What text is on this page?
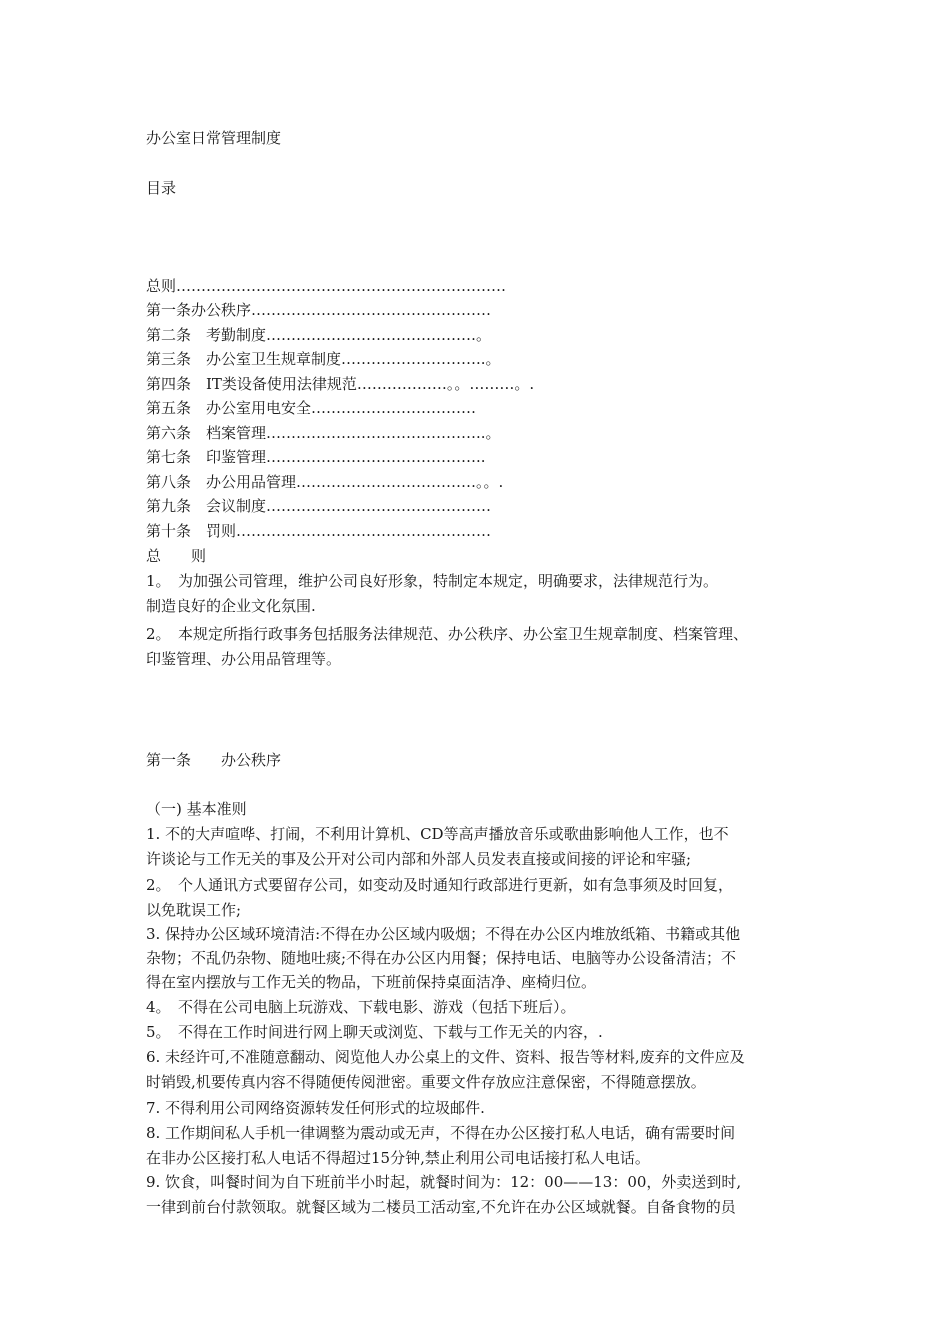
办公室日常管理制度
目录
总则…………………………………………………………
第一条办公秩序…………………………………………
第二条　考勤制度……………………………………。
第三条　办公室卫生规章制度………………………..。
第四条　IT类设备使用法律规范………………。。………。.
第五条　办公室用电安全……………………………
第六条　档案管理……………………………………..。
第七条　印鉴管理……………………………………..
第八条　办公用品管理………………………………。。.
第九条　会议制度………………………………………
第十条　罚则……………………………………………
总　　则
1。　为加强公司管理，维护公司良好形象，特制定本规定，明确要求，法律规范行为。
制造良好的企业文化氛围.
2。　本规定所指行政事务包括服务法律规范、办公秩序、办公室卫生规章制度、档案管理、
印鉴管理、办公用品管理等。
第一条　　办公秩序
（一) 基本准则
1. 不的大声喧哗、打闹，不利用计算机、CD等高声播放音乐或歌曲影响他人工作，也不
许谈论与工作无关的事及公开对公司内部和外部人员发表直接或间接的评论和牢骚;
2。　个人通讯方式要留存公司，如变动及时通知行政部进行更新，如有急事须及时回复，
以免耽误工作;
3. 保持办公区域环境清洁:不得在办公区域内吸烟；不得在办公区内堆放纸箱、书籍或其他
杂物；不乱仍杂物、随地吐痰;不得在办公区内用餐；保持电话、电脑等办公设备清洁；不
得在室内摆放与工作无关的物品，下班前保持桌面洁净、座椅归位。
4。　不得在公司电脑上玩游戏、下载电影、游戏（包括下班后）。
5。　不得在工作时间进行网上聊天或浏览、下载与工作无关的内容，.
6. 未经许可,不准随意翻动、阅览他人办公桌上的文件、资料、报告等材料,废弃的文件应及
时销毁,机要传真内容不得随便传阅泄密。重要文件存放应注意保密，不得随意摆放。
7. 不得利用公司网络资源转发任何形式的垃圾邮件.
8. 工作期间私人手机一律调整为震动或无声，不得在办公区接打私人电话，确有需要时间
在非办公区接打私人电话不得超过15分钟,禁止利用公司电话接打私人电话。
9. 饮食，叫餐时间为自下班前半小时起，就餐时间为：12：00——13：00，外卖送到时,
一律到前台付款领取。就餐区域为二楼员工活动室,不允许在办公区域就餐。自备食物的员
